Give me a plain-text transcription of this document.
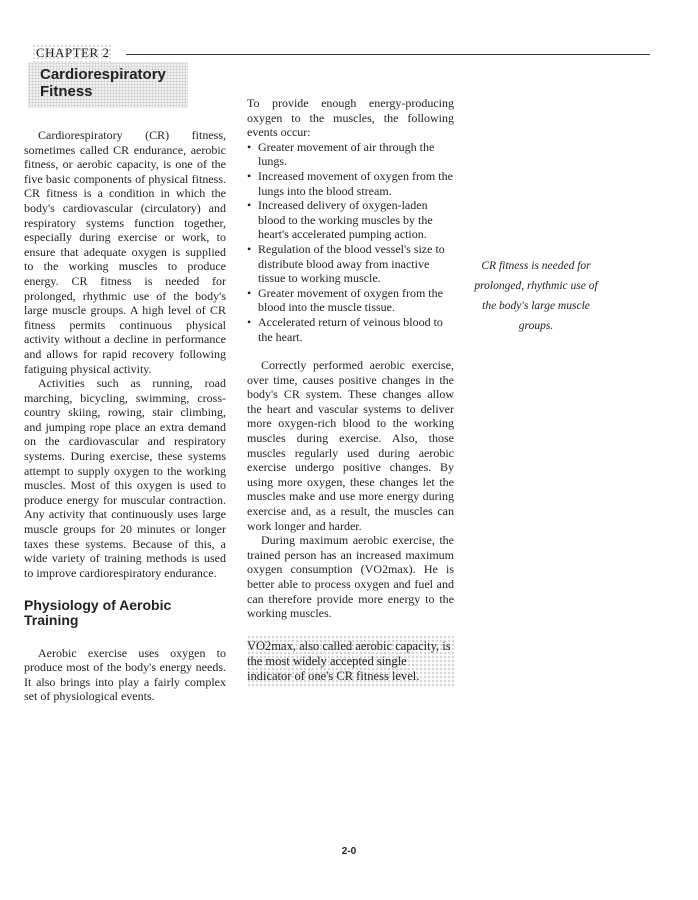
CHAPTER 2
Cardiorespiratory
Fitness

Cardiorespiratory (CR) fitness, sometimes called CR endurance, aerobic fitness, or aerobic capacity, is one of the five basic components of physical fitness. CR fitness is a condition in which the body's cardiovascular (circulatory) and respiratory systems function together, especially during exercise or work, to ensure that adequate oxygen is supplied to the working muscles to produce energy. CR fitness is needed for prolonged, rhythmic use of the body's large muscle groups. A high level of CR fitness permits continuous physical activity without a decline in performance and allows for rapid recovery following fatiguing physical activity.

Activities such as running, road marching, bicycling, swimming, cross-country skiing, rowing, stair climbing, and jumping rope place an extra demand on the cardiovascular and respiratory systems. During exercise, these systems attempt to supply oxygen to the working muscles. Most of this oxygen is used to produce energy for muscular contraction. Any activity that continuously uses large muscle groups for 20 minutes or longer taxes these systems. Because of this, a wide variety of training methods is used to improve cardiorespiratory endurance.

Physiology of Aerobic Training

Aerobic exercise uses oxygen to produce most of the body's energy needs. It also brings into play a fairly complex set of physiological events.

To provide enough energy-producing oxygen to the muscles, the following events occur:

• Greater movement of air through the lungs.
• Increased movement of oxygen from the lungs into the blood stream.
• Increased delivery of oxygen-laden blood to the working muscles by the heart's accelerated pumping action.
• Regulation of the blood vessel's size to distribute blood away from inactive tissue to working muscle.
• Greater movement of oxygen from the blood into the muscle tissue.
• Accelerated return of veinous blood to the heart.

Correctly performed aerobic exercise, over time, causes positive changes in the body's CR system. These changes allow the heart and vascular systems to deliver more oxygen-rich blood to the working muscles during exercise. Also, those muscles regularly used during aerobic exercise undergo positive changes. By using more oxygen, these changes let the muscles make and use more energy during exercise and, as a result, the muscles can work longer and harder.

During maximum aerobic exercise, the trained person has an increased maximum oxygen consumption (VO2max). He is better able to process oxygen and fuel and can therefore provide more energy to the working muscles.

VO2max, also called aerobic capacity, is the most widely accepted single indicator of one's CR fitness level.
CR fitness is needed for prolonged, rhythmic use of the body's large muscle groups.
2-0
